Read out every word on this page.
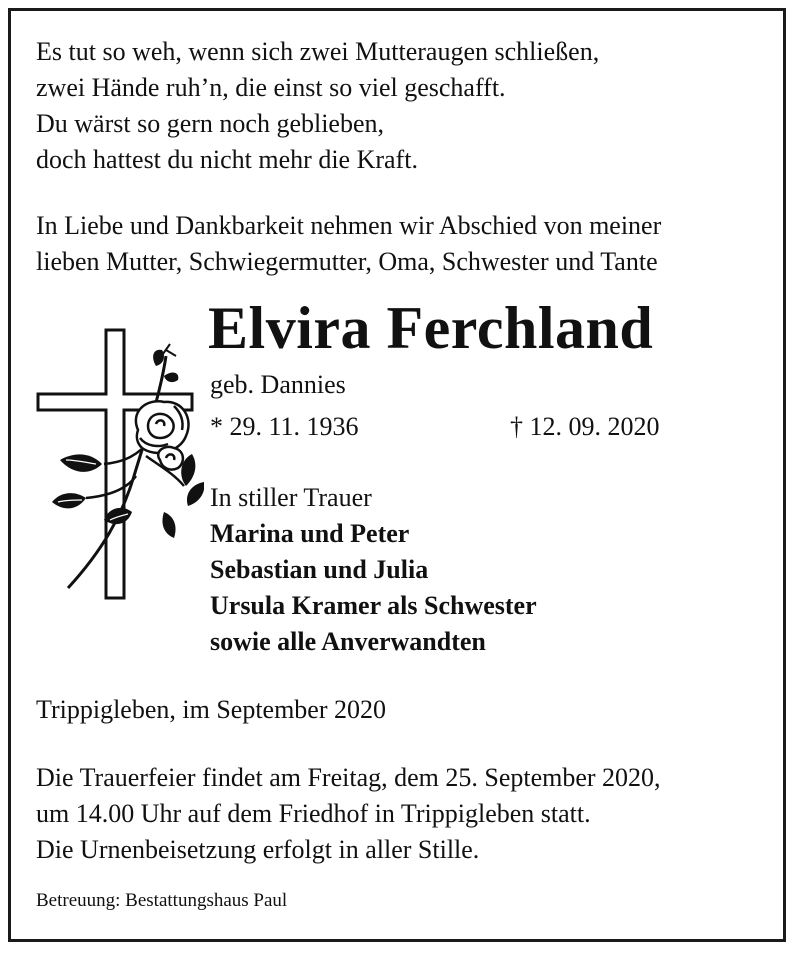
Es tut so weh, wenn sich zwei Mutteraugen schließen,
zwei Hände ruh’n, die einst so viel geschafft.
Du wärst so gern noch geblieben,
doch hattest du nicht mehr die Kraft.
In Liebe und Dankbarkeit nehmen wir Abschied von meiner
lieben Mutter, Schwiegermutter, Oma, Schwester und Tante
Elvira Ferchland
geb. Dannies
* 29. 11. 1936	† 12. 09. 2020
In stiller Trauer
Marina und Peter
Sebastian und Julia
Ursula Kramer als Schwester
sowie alle Anverwandten
Trippigleben, im September 2020
Die Trauerfeier findet am Freitag, dem 25. September 2020,
um 14.00 Uhr auf dem Friedhof in Trippigleben statt.
Die Urnenbeisetzung erfolgt in aller Stille.
Betreuung: Bestattungshaus Paul
